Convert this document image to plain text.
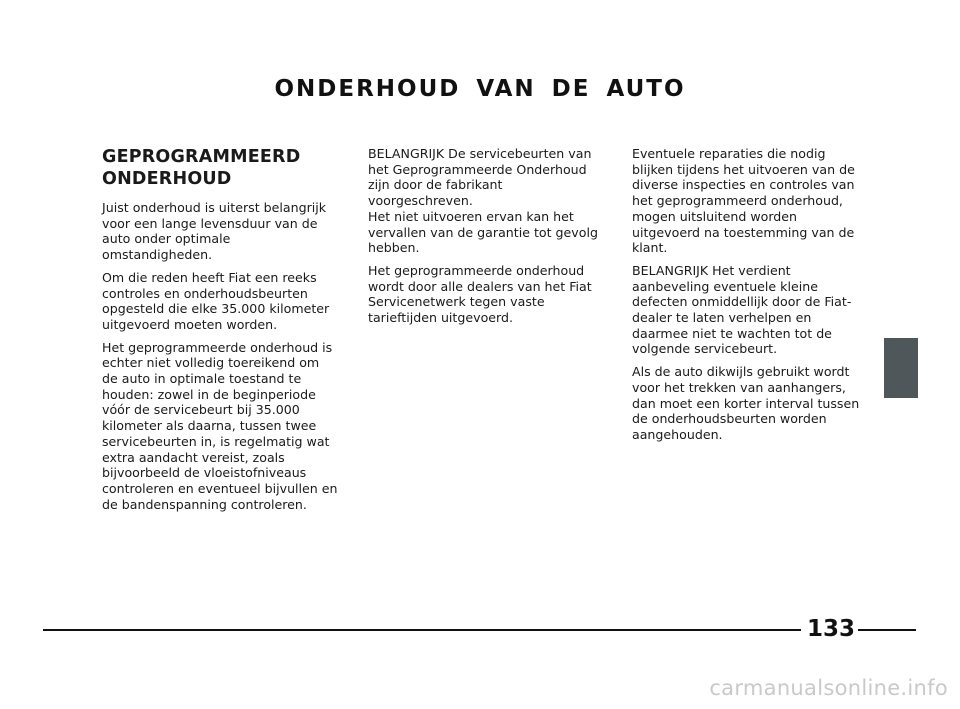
ONDERHOUD VAN DE AUTO
GEPROGRAMMEERD
ONDERHOUD

Juist onderhoud is uiterst belangrijk voor een lange levensduur van de auto onder optimale omstandigheden.

Om die reden heeft Fiat een reeks controles en onderhoudsbeurten opgesteld die elke 35.000 kilometer uitgevoerd moeten worden.

Het geprogrammeerde onderhoud is echter niet volledig toereikend om de auto in optimale toestand te houden: zowel in de beginperiode vóór de servicebeurt bij 35.000 kilometer als daarna, tussen twee servicebeurten in, is regelmatig wat extra aandacht vereist, zoals bijvoorbeeld de vloeistofniveaus controleren en eventueel bijvullen en de bandenspanning controleren.

BELANGRIJK De servicebeurten van het Geprogrammeerde Onderhoud zijn door de fabrikant voorgeschreven.
Het niet uitvoeren ervan kan het vervallen van de garantie tot gevolg hebben.

Het geprogrammeerde onderhoud wordt door alle dealers van het Fiat Servicenetwerk tegen vaste tarieftijden uitgevoerd.

Eventuele reparaties die nodig blijken tijdens het uitvoeren van de diverse inspecties en controles van het geprogrammeerd onderhoud, mogen uitsluitend worden uitgevoerd na toestemming van de klant.

BELANGRIJK Het verdient aanbeveling eventuele kleine defecten onmiddellijk door de Fiat-dealer te laten verhelpen en daarmee niet te wachten tot de volgende servicebeurt.

Als de auto dikwijls gebruikt wordt voor het trekken van aanhangers, dan moet een korter interval tussen de onderhoudsbeurten worden aangehouden.

133
carmanualsonline.info
